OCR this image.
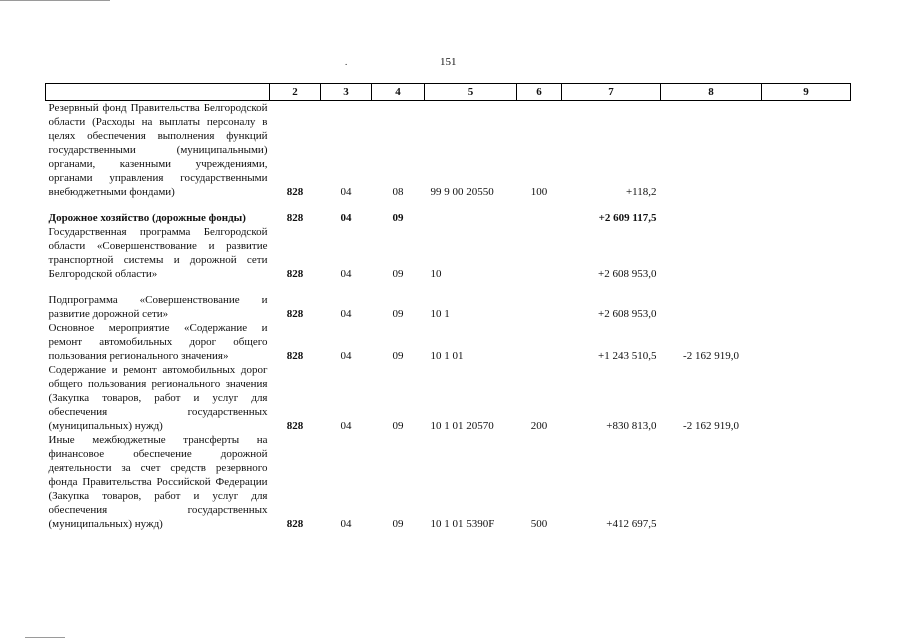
.	151
	2	3	4	5	6	7	8	9
Резервный фонд Правительства Белгородской области (Расходы на выплаты персоналу в целях обеспечения выполнения функций государственными (муниципальными) органами, казенными учреждениями, органами управления государственными внебюджетными фондами)	828	04	08	99 9 00 20550	100	+118,2		

Дорожное хозяйство (дорожные фонды)	828	04	09			+2 609 117,5		
Государственная программа Белгородской области «Совершенствование и развитие транспортной системы и дорожной сети Белгородской области»	828	04	09	10		+2 608 953,0		

Подпрограмма «Совершенствование и развитие дорожной сети»	828	04	09	10 1		+2 608 953,0		
Основное мероприятие «Содержание и ремонт автомобильных дорог общего пользования регионального значения»	828	04	09	10 1 01		+1 243 510,5	-2 162 919,0	
Содержание и ремонт автомобильных дорог общего пользования регионального значения (Закупка товаров, работ и услуг для обеспечения государственных (муниципальных) нужд)	828	04	09	10 1 01 20570	200	+830 813,0	-2 162 919,0	
Иные межбюджетные трансферты на финансовое обеспечение дорожной деятельности за счет средств резервного фонда Правительства Российской Федерации (Закупка товаров, работ и услуг для обеспечения государственных (муниципальных) нужд)	828	04	09	10 1 01 5390F	500	+412 697,5		
